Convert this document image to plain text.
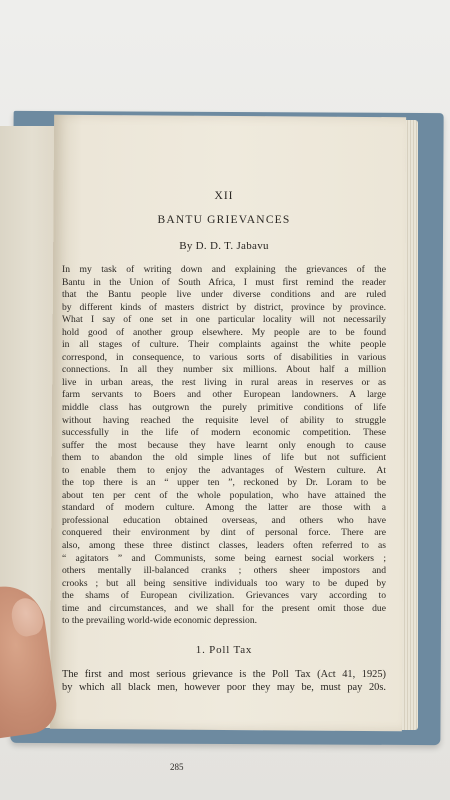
XII
BANTU GRIEVANCES
By D. D. T. Jabavu
In my task of writing down and explaining the grievances of the
Bantu in the Union of South Africa, I must first remind the reader
that the Bantu people live under diverse conditions and are ruled
by different kinds of masters district by district, province by province.
What I say of one set in one particular locality will not necessarily
hold good of another group elsewhere. My people are to be found
in all stages of culture. Their complaints against the white people
correspond, in consequence, to various sorts of disabilities in various
connections. In all they number six millions. About half a million
live in urban areas, the rest living in rural areas in reserves or as
farm servants to Boers and other European landowners. A large
middle class has outgrown the purely primitive conditions of life
without having reached the requisite level of ability to struggle
successfully in the life of modern economic competition. These
suffer the most because they have learnt only enough to cause
them to abandon the old simple lines of life but not sufficient
to enable them to enjoy the advantages of Western culture. At
the top there is an “ upper ten ”, reckoned by Dr. Loram to be
about ten per cent of the whole population, who have attained the
standard of modern culture. Among the latter are those with a
professional education obtained overseas, and others who have
conquered their environment by dint of personal force. There are
also, among these three distinct classes, leaders often referred to as
“ agitators ” and Communists, some being earnest social workers ;
others mentally ill-balanced cranks ; others sheer impostors and
crooks ; but all being sensitive individuals too wary to be duped by
the shams of European civilization. Grievances vary according to
time and circumstances, and we shall for the present omit those due
to the prevailing world-wide economic depression.
1. Poll Tax
The first and most serious grievance is the Poll Tax (Act 41, 1925)
by which all black men, however poor they may be, must pay 20s.
285
